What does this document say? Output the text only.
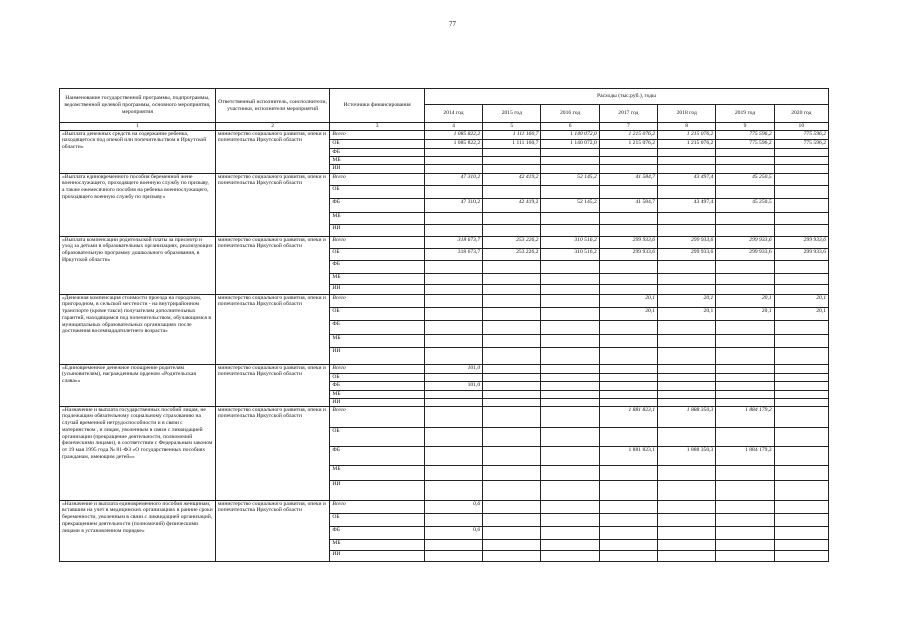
77
Наименование государственной программы, подпрограммы, ведомственной целевой программы, основного мероприятия, мероприятия	Ответственный исполнитель, соисполнители, участники, исполнители мероприятий	Источники финансирования	Расходы (тыс.руб.), годы						
			2014 год	2015 год	2016 год	2017 год	2018 год	2019 год	2020 год
1	2	3	4	5	6	7	8	9	10
«Выплата денежных средств на содержание ребенка, находящегося под опекой или попечительством в Иркутской области»	министерство социального развития, опеки и попечительства Иркутской области	Всего	1 085 822,2	1 111 160,7	1 140 072,0	1 215 076,2	1 215 076,2	775 596,2	775 596,2
		ОБ	1 085 822,2	1 111 160,7	1 140 072,0	1 215 076,2	1 215 076,2	775 596,2	775 596,2
		ФБ							
		МБ							
		ИИ							
«Выплата единовременного пособия беременной жене военнослужащего, проходящего военную службу по призыву, а также ежемесячного пособия на ребенка военнослужащего, проходящего военную службу по призыву»	министерство социального развития, опеки и попечительства Иркутской области	Всего	47 310,2	42 419,2	52 145,2	41 584,7	43 497,4	45 250,5	
		ОБ							
		ФБ	47 310,2	42 419,2	52 145,2	41 584,7	43 497,4	45 250,5	
		МБ							
		ИИ							
«Выплата компенсации родительской платы за присмотр и уход за детьми в образовательных организациях, реализующих образовательную программу дошкольного образования, в Иркутской области»	министерство социального развития, опеки и попечительства Иркутской области	Всего	318 673,7	253 226,2	310 516,2	299 933,6	299 933,6	299 933,6	299 933,6
		ОБ	318 673,7	253 226,2	310 516,2	299 933,6	299 933,6	299 933,6	299 933,6
		ФБ							
		МБ							
		ИИ							
«Денежная компенсация стоимости проезда на городском, пригородном, в сельской местности - на внутрирайонном транспорте (кроме такси) получателям дополнительных гарантий, находящимся под попечительством, обучающимся в муниципальных образовательных организациях после достижения восемнадцатилетнего возраста»	министерство социального развития, опеки и попечительства Иркутской области	Всего				20,1	20,1	20,1	20,1
		ОБ				20,1	20,1	20,1	20,1
		ФБ							
		МБ							
		ИИ							
«Единовременное денежное поощрение родителям (усыновителям), награжденным орденом «Родительская слава»»	министерство социального развития, опеки и попечительства Иркутской области	Всего	101,0						
		ОБ							
		ФБ	101,0						
		МБ							
		ИИ							
«Назначение и выплата государственных пособий лицам, не подлежащим обязательному социальному страхованию на случай временной нетрудоспособности и в связи с материнством , и лицам, уволенным в связи с ликвидацией организации (прекращение деятельности, полномочий физическими лицами), в соответствии с Федеральным законом от 19 мая 1995 года № 81-ФЗ «О государственных пособиях гражданам, имеющим детей»»	министерство социального развития, опеки и попечительства Иркутской области	Всего				1 881 823,1	1 888 350,3	1 884 179,2	
		ОБ							
		ФБ				1 881 823,1	1 888 350,3	1 884 179,2	
		МБ							
		ИИ							
«Назначение и выплата единовременного пособия женщинам, вставшим на учет в медицинских организациях в ранние сроки беременности, уволенным в связи с ликвидацией организаций, прекращением деятельности (полномочий) физическими лицами в установленном порядке»	министерство социального развития, опеки и попечительства Иркутской области	Всего	0,6						
		ОБ							
		ФБ	0,6						
		МБ							
		ИИ							
